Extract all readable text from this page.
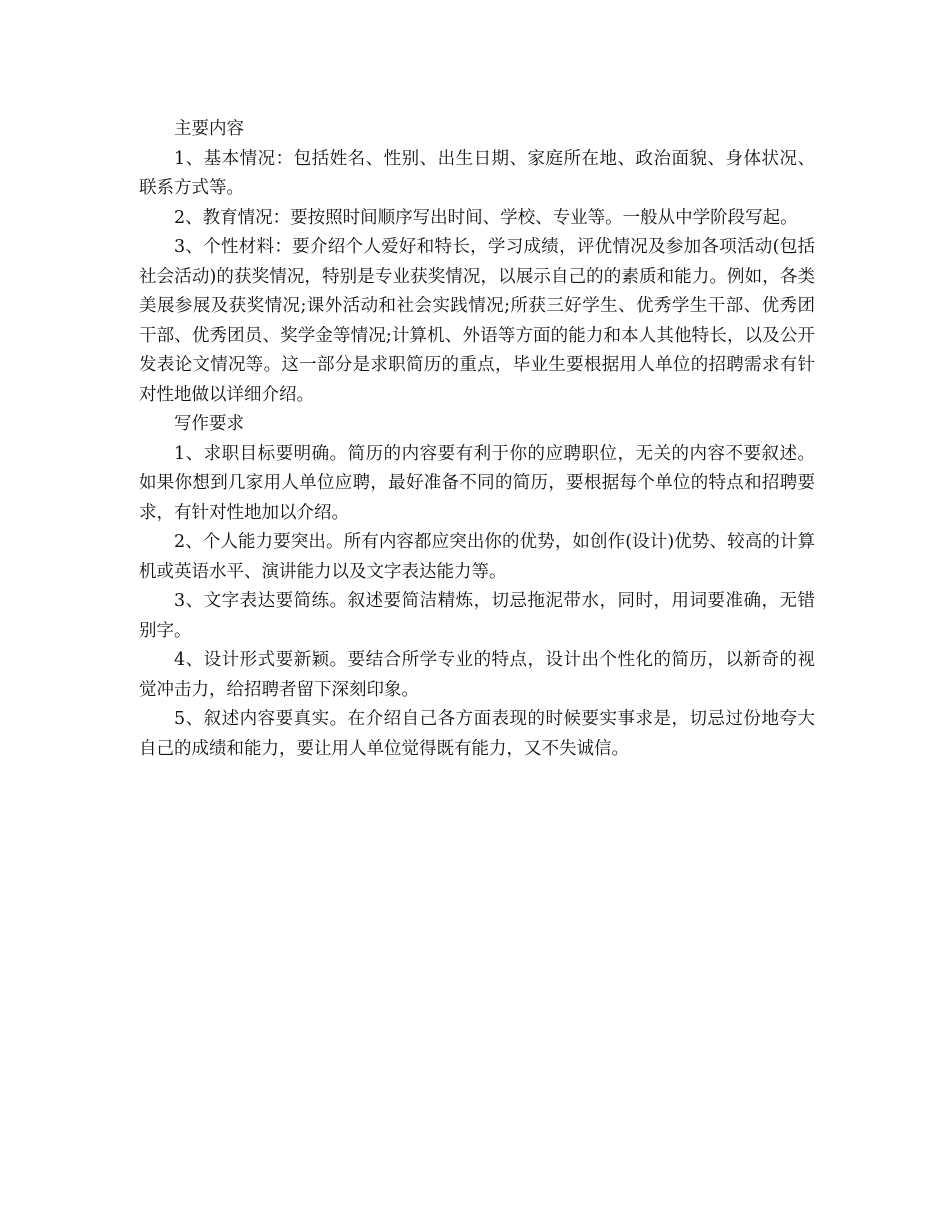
主要内容

1、基本情况：包括姓名、性别、出生日期、家庭所在地、政治面貌、身体状况、联系方式等。

2、教育情况：要按照时间顺序写出时间、学校、专业等。一般从中学阶段写起。

3、个性材料：要介绍个人爱好和特长，学习成绩，评优情况及参加各项活动(包括社会活动)的获奖情况，特别是专业获奖情况，以展示自己的的素质和能力。例如，各类美展参展及获奖情况;课外活动和社会实践情况;所获三好学生、优秀学生干部、优秀团干部、优秀团员、奖学金等情况;计算机、外语等方面的能力和本人其他特长，以及公开发表论文情况等。这一部分是求职简历的重点，毕业生要根据用人单位的招聘需求有针对性地做以详细介绍。

写作要求

1、求职目标要明确。简历的内容要有利于你的应聘职位，无关的内容不要叙述。如果你想到几家用人单位应聘，最好准备不同的简历，要根据每个单位的特点和招聘要求，有针对性地加以介绍。

2、个人能力要突出。所有内容都应突出你的优势，如创作(设计)优势、较高的计算机或英语水平、演讲能力以及文字表达能力等。

3、文字表达要简练。叙述要简洁精炼，切忌拖泥带水，同时，用词要准确，无错别字。

4、设计形式要新颖。要结合所学专业的特点，设计出个性化的简历，以新奇的视觉冲击力，给招聘者留下深刻印象。

5、叙述内容要真实。在介绍自己各方面表现的时候要实事求是，切忌过份地夸大自己的成绩和能力，要让用人单位觉得既有能力，又不失诚信。
